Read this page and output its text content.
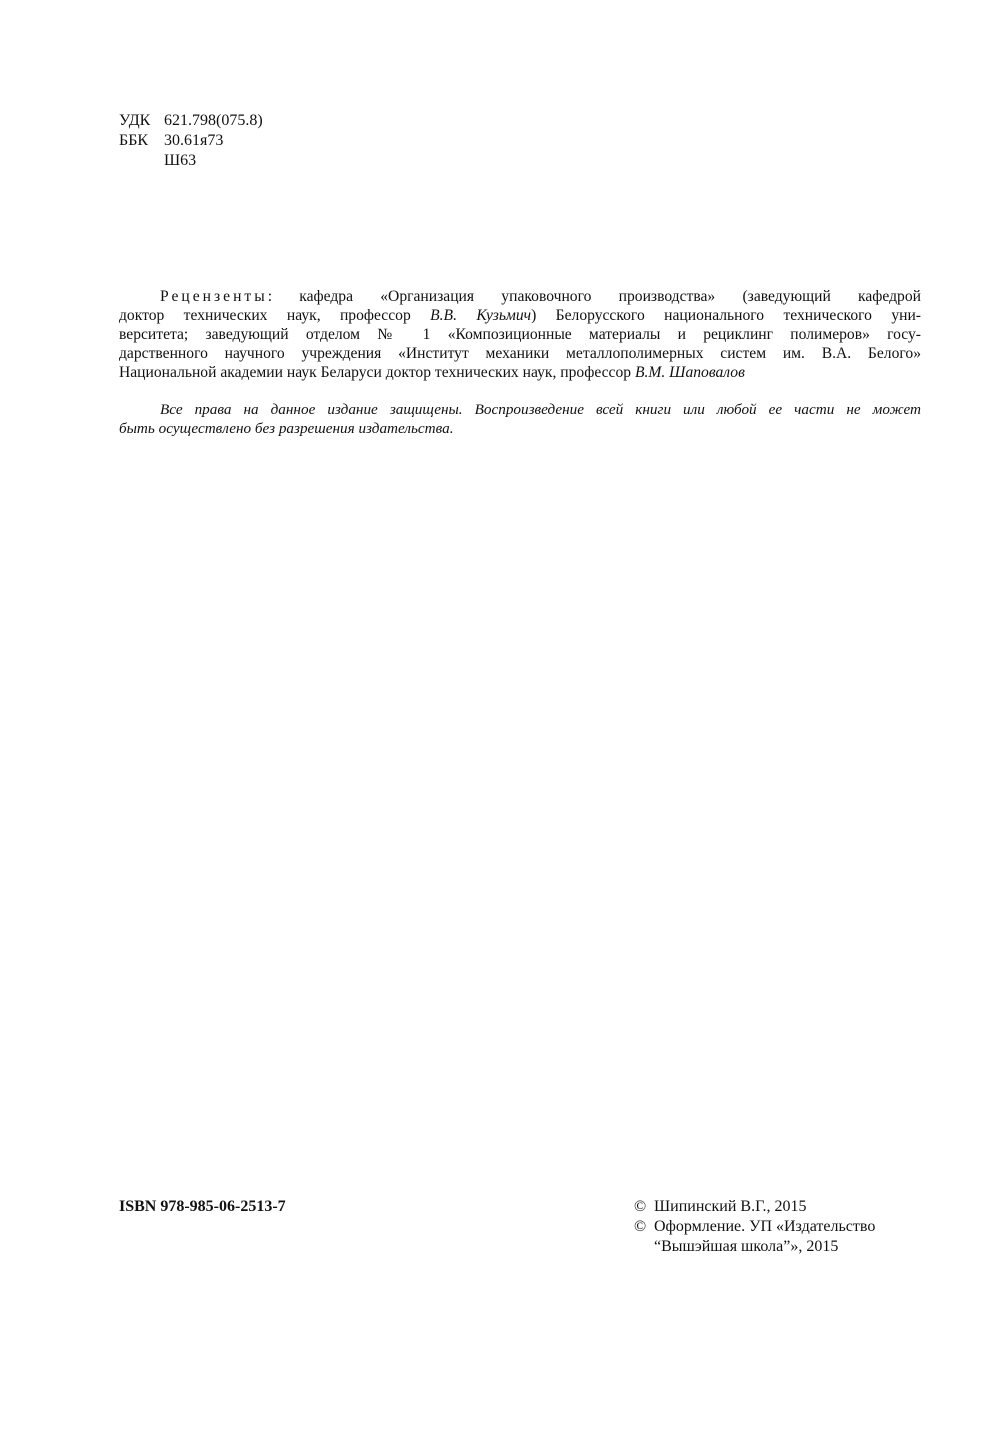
УДК 621.798(075.8)
ББК 30.61я73
Ш63
Рецензенты: кафедра «Организация упаковочного производства» (заведующий кафедрой
доктор технических наук, профессор В.В. Кузьмич) Белорусского национального технического уни-
верситета; заведующий отделом № 1 «Композиционные материалы и рециклинг полимеров» госу-
дарственного научного учреждения «Институт механики металлополимерных систем им. В.А. Белого»
Национальной академии наук Беларуси доктор технических наук, профессор В.М. Шаповалов
Все права на данное издание защищены. Воспроизведение всей книги или любой ее части не может
быть осуществлено без разрешения издательства.
ISBN 978-985-06-2513-7	© Шипинский В.Г., 2015
© Оформление. УП «Издательство
“Вышэйшая школа”», 2015
